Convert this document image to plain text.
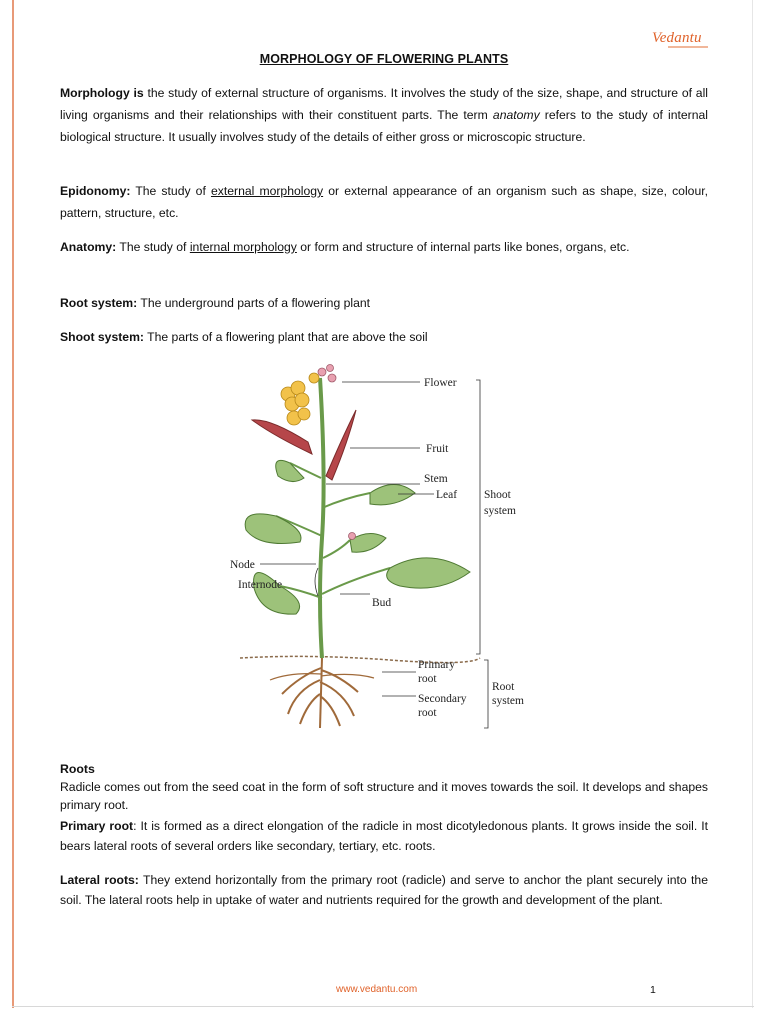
Vedantu
MORPHOLOGY OF FLOWERING PLANTS
Morphology is the study of external structure of organisms. It involves the study of the size, shape, and structure of all living organisms and their relationships with their constituent parts. The term anatomy refers to the study of internal biological structure. It usually involves study of the details of either gross or microscopic structure.
Epidonomy: The study of external morphology or external appearance of an organism such as shape, size, colour, pattern, structure, etc.
Anatomy: The study of internal morphology or form and structure of internal parts like bones, organs, etc.
Root system: The underground parts of a flowering plant
Shoot system: The parts of a flowering plant that are above the soil
Flower
Fruit
Stem
Leaf Shoot
system
Node
Internode
Bud
Primary
root
Secondary
root
Root
system
Roots
Radicle comes out from the seed coat in the form of soft structure and it moves towards the soil. It develops and shapes primary root.
Primary root: It is formed as a direct elongation of the radicle in most dicotyledonous plants. It grows inside the soil. It bears lateral roots of several orders like secondary, tertiary, etc. roots.
Lateral roots: They extend horizontally from the primary root (radicle) and serve to anchor the plant securely into the soil. The lateral roots help in uptake of water and nutrients required for the growth and development of the plant.
www.vedantu.com	1
